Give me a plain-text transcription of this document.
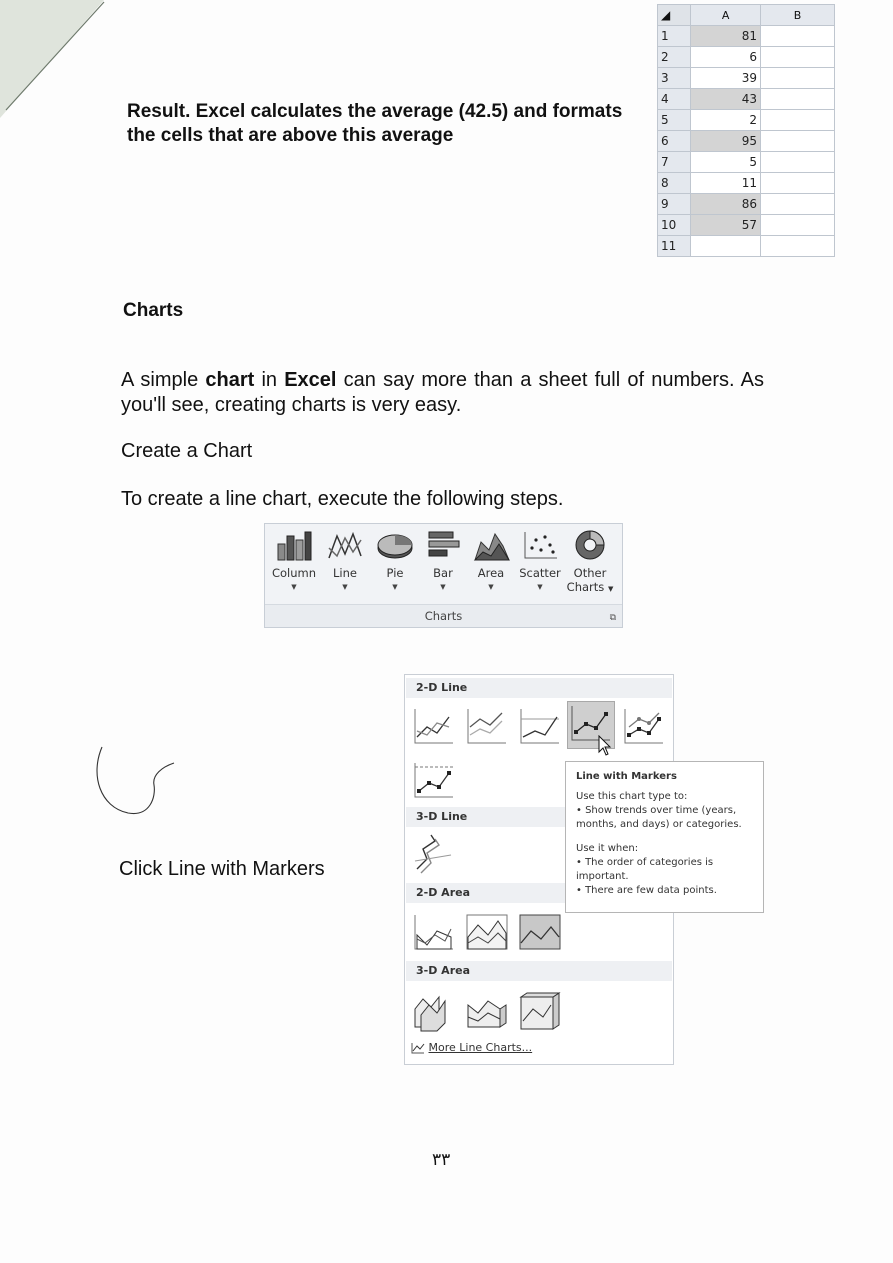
◢	A	B
1	81	
2	6	
3	39	
4	43	
5	2	
6	95	
7	5	
8	11	
9	86	
10	57	
11		
Result. Excel calculates the average (42.5) and formats the cells that are above this average
Charts
A simple chart in Excel can say more than a sheet full of numbers. As you'll see, creating charts is very easy.
Create a Chart
To create a line chart, execute the following steps.
Column
▼
Line
▼
Pie
▼
Bar
▼
Area
▼
Scatter
▼
Other Charts ▼
Charts	⧉
2-D Line
3-D Line
2-D Area
3-D Area
More Line Charts...
Line with Markers
Use this chart type to:
• Show trends over time (years, months, and days) or categories.
Use it when:
• The order of categories is important.
• There are few data points.
Click Line with Markers
٣٣
